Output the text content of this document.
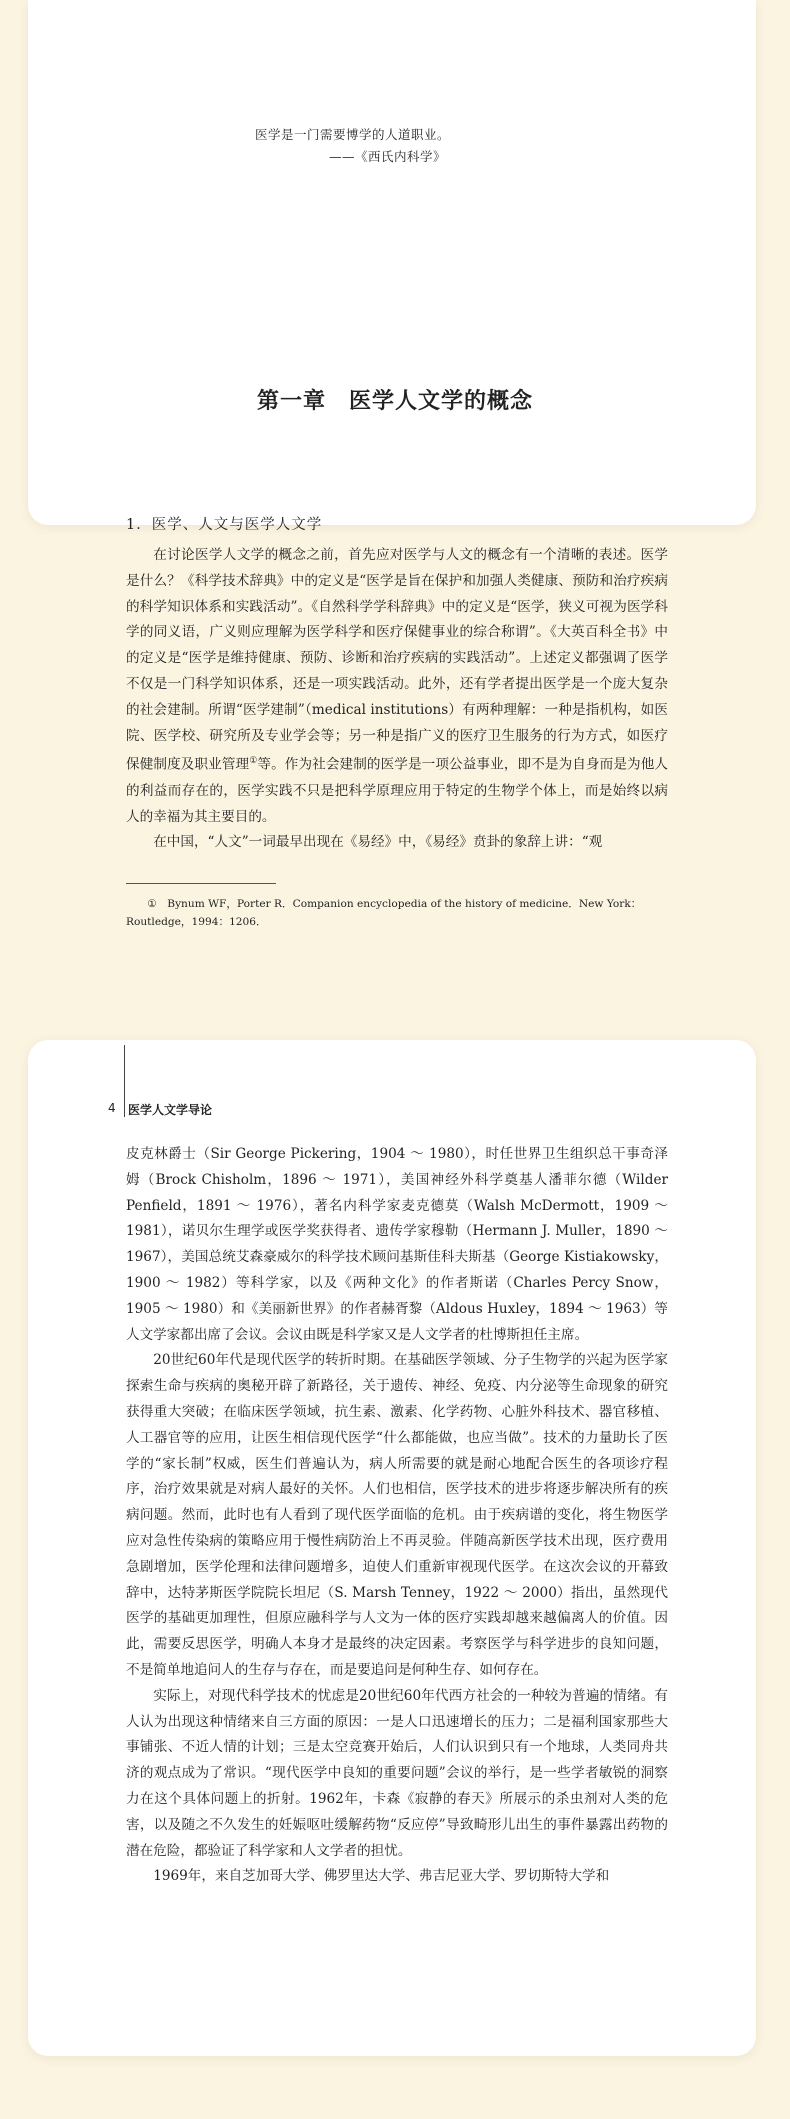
医学是一门需要博学的人道职业。
——《西氏内科学》
第一章　医学人文学的概念
1．医学、人文与医学人文学

在讨论医学人文学的概念之前，首先应对医学与人文的概念有一个清晰的表述。医学是什么？《科学技术辞典》中的定义是“医学是旨在保护和加强人类健康、预防和治疗疾病的科学知识体系和实践活动”。《自然科学学科辞典》中的定义是“医学，狭义可视为医学科学的同义语，广义则应理解为医学科学和医疗保健事业的综合称谓”。《大英百科全书》中的定义是“医学是维持健康、预防、诊断和治疗疾病的实践活动”。上述定义都强调了医学不仅是一门科学知识体系，还是一项实践活动。此外，还有学者提出医学是一个庞大复杂的社会建制。所谓“医学建制”（medical institutions）有两种理解：一种是指机构，如医院、医学校、研究所及专业学会等；另一种是指广义的医疗卫生服务的行为方式，如医疗保健制度及职业管理①等。作为社会建制的医学是一项公益事业，即不是为自身而是为他人的利益而存在的，医学实践不只是把科学原理应用于特定的生物学个体上，而是始终以病人的幸福为其主要目的。

在中国，“人文”一词最早出现在《易经》中，《易经》贲卦的象辞上讲：“观

①　Bynum WF，Porter R．Companion encyclopedia of the history of medicine．New York：Routledge，1994：1206．

4 医学人文学导论

皮克林爵士（Sir George Pickering，1904 ～ 1980），时任世界卫生组织总干事奇泽姆（Brock Chisholm，1896 ～ 1971），美国神经外科学奠基人潘菲尔德（Wilder Penfield，1891 ～ 1976），著名内科学家麦克德莫（Walsh McDermott，1909 ～ 1981），诺贝尔生理学或医学奖获得者、遗传学家穆勒（Hermann J. Muller，1890 ～ 1967），美国总统艾森豪威尔的科学技术顾问基斯佳科夫斯基（George Kistiakowsky，1900 ～ 1982）等科学家，以及《两种文化》的作者斯诺（Charles Percy Snow，1905 ～ 1980）和《美丽新世界》的作者赫胥黎（Aldous Huxley，1894 ～ 1963）等人文学家都出席了会议。会议由既是科学家又是人文学者的杜博斯担任主席。

20世纪60年代是现代医学的转折时期。在基础医学领域、分子生物学的兴起为医学家探索生命与疾病的奥秘开辟了新路径，关于遗传、神经、免疫、内分泌等生命现象的研究获得重大突破；在临床医学领域，抗生素、激素、化学药物、心脏外科技术、器官移植、人工器官等的应用，让医生相信现代医学“什么都能做，也应当做”。技术的力量助长了医学的“家长制”权威，医生们普遍认为，病人所需要的就是耐心地配合医生的各项诊疗程序，治疗效果就是对病人最好的关怀。人们也相信，医学技术的进步将逐步解决所有的疾病问题。然而，此时也有人看到了现代医学面临的危机。由于疾病谱的变化，将生物医学应对急性传染病的策略应用于慢性病防治上不再灵验。伴随高新医学技术出现，医疗费用急剧增加，医学伦理和法律问题增多，迫使人们重新审视现代医学。在这次会议的开幕致辞中，达特茅斯医学院院长坦尼（S. Marsh Tenney，1922 ～ 2000）指出，虽然现代医学的基础更加理性，但原应融科学与人文为一体的医疗实践却越来越偏离人的价值。因此，需要反思医学，明确人本身才是最终的决定因素。考察医学与科学进步的良知问题，不是简单地追问人的生存与存在，而是要追问是何种生存、如何存在。

实际上，对现代科学技术的忧虑是20世纪60年代西方社会的一种较为普遍的情绪。有人认为出现这种情绪来自三方面的原因：一是人口迅速增长的压力；二是福利国家那些大事铺张、不近人情的计划；三是太空竞赛开始后，人们认识到只有一个地球，人类同舟共济的观点成为了常识。“现代医学中良知的重要问题”会议的举行，是一些学者敏锐的洞察力在这个具体问题上的折射。1962年，卡森《寂静的春天》所展示的杀虫剂对人类的危害，以及随之不久发生的妊娠呕吐缓解药物“反应停”导致畸形儿出生的事件暴露出药物的潜在危险，都验证了科学家和人文学者的担忧。

1969年，来自芝加哥大学、佛罗里达大学、弗吉尼亚大学、罗切斯特大学和
